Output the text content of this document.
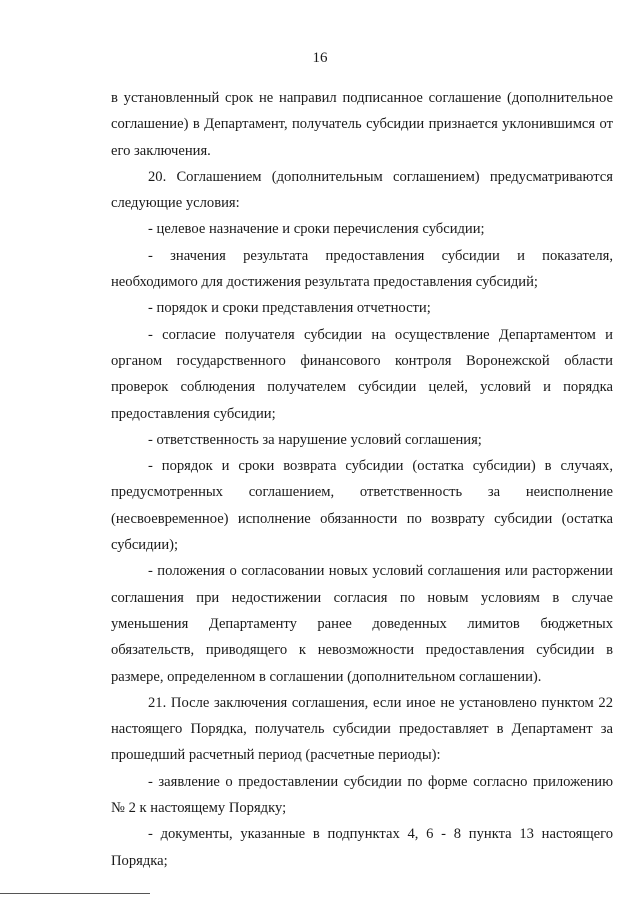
16

в установленный срок не направил подписанное соглашение (дополнительное соглашение) в Департамент, получатель субсидии признается уклонившимся от его заключения.

20. Соглашением (дополнительным соглашением) предусматриваются следующие условия:

- целевое назначение и сроки перечисления субсидии;

- значения результата предоставления субсидии и показателя, необходимого для достижения результата предоставления субсидий;

- порядок и сроки представления отчетности;

- согласие получателя субсидии на осуществление Департаментом и органом государственного финансового контроля Воронежской области проверок соблюдения получателем субсидии целей, условий и порядка предоставления субсидии;

- ответственность за нарушение условий соглашения;

- порядок и сроки возврата субсидии (остатка субсидии) в случаях, предусмотренных соглашением, ответственность за неисполнение (несвоевременное) исполнение обязанности по возврату субсидии (остатка субсидии);

- положения о согласовании новых условий соглашения или расторжении соглашения при недостижении согласия по новым условиям в случае уменьшения Департаменту ранее доведенных лимитов бюджетных обязательств, приводящего к невозможности предоставления субсидии в размере, определенном в соглашении (дополнительном соглашении).

21. После заключения соглашения, если иное не установлено пунктом 22 настоящего Порядка, получатель субсидии предоставляет в Департамент за прошедший расчетный период (расчетные периоды):

- заявление о предоставлении субсидии по форме согласно приложению № 2 к настоящему Порядку;

- документы, указанные в подпунктах 4, 6 - 8 пункта 13 настоящего Порядка;
